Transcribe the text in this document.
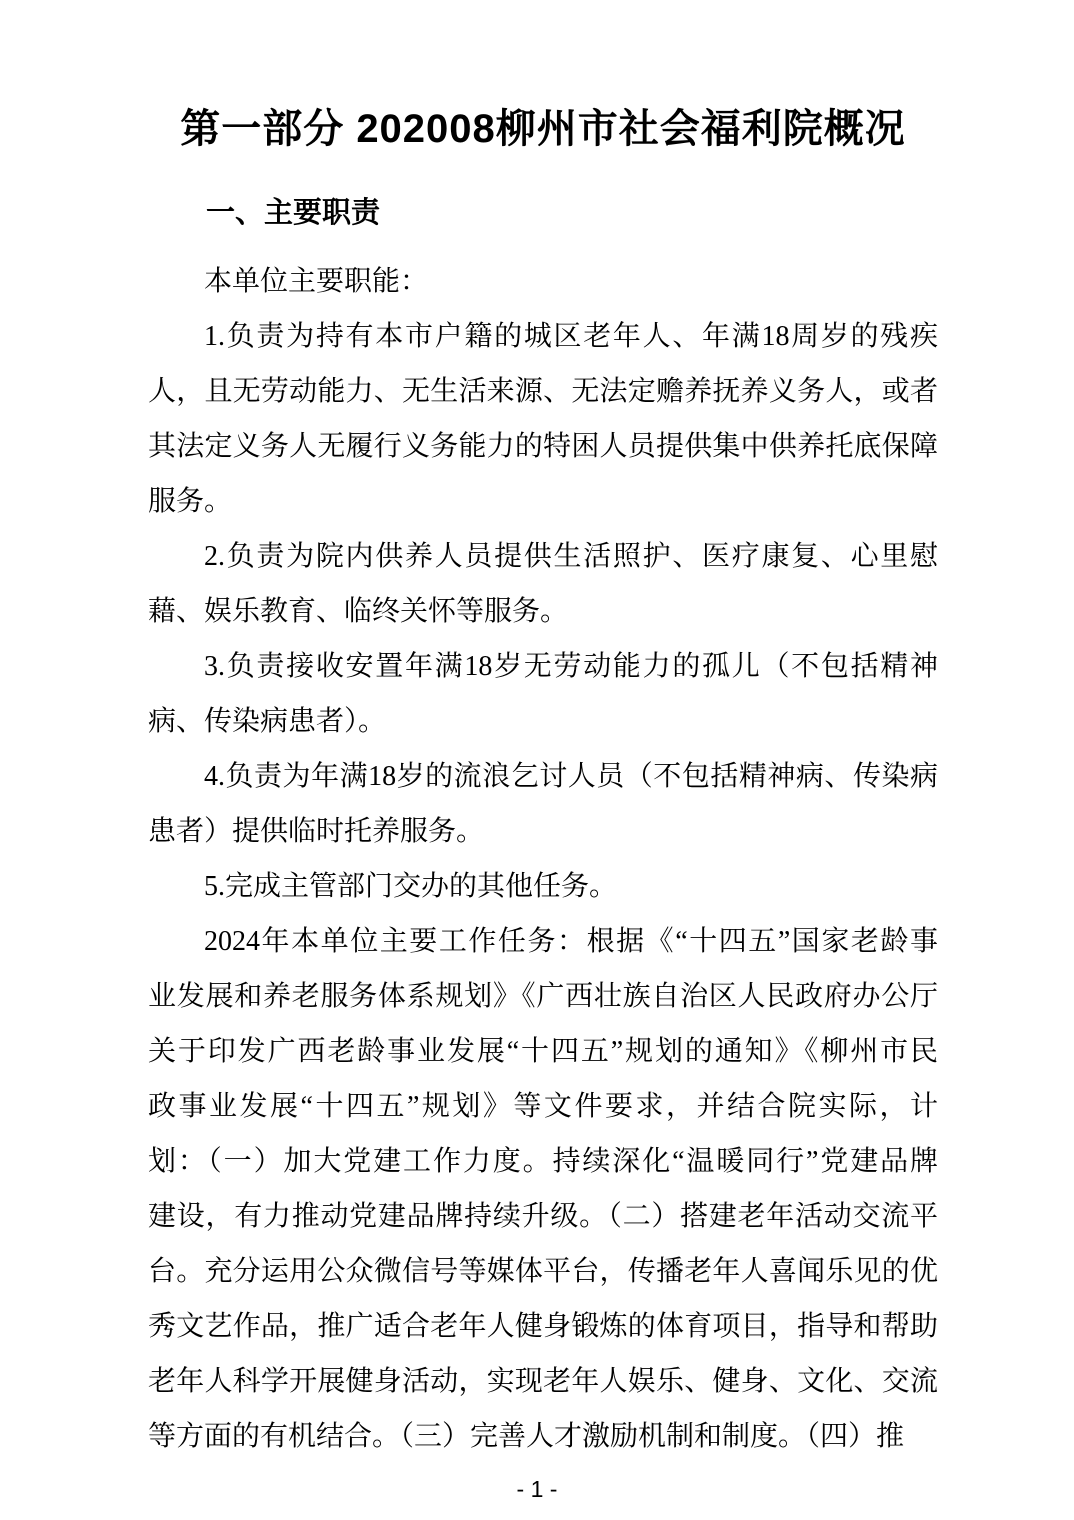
第一部分 202008柳州市社会福利院概况
一、主要职责
本单位主要职能：
1.负责为持有本市户籍的城区老年人、年满18周岁的残疾
人，且无劳动能力、无生活来源、无法定赡养抚养义务人，或者
其法定义务人无履行义务能力的特困人员提供集中供养托底保障
服务。
2.负责为院内供养人员提供生活照护、医疗康复、心里慰
藉、娱乐教育、临终关怀等服务。
3.负责接收安置年满18岁无劳动能力的孤儿（不包括精神
病、传染病患者）。
4.负责为年满18岁的流浪乞讨人员（不包括精神病、传染病
患者）提供临时托养服务。
5.完成主管部门交办的其他任务。
2024年本单位主要工作任务：根据《“十四五”国家老龄事
业发展和养老服务体系规划》《广西壮族自治区人民政府办公厅
关于印发广西老龄事业发展“十四五”规划的通知》《柳州市民
政事业发展“十四五”规划》等文件要求，并结合院实际，计
划：（一）加大党建工作力度。持续深化“温暖同行”党建品牌
建设，有力推动党建品牌持续升级。（二）搭建老年活动交流平
台。充分运用公众微信号等媒体平台，传播老年人喜闻乐见的优
秀文艺作品，推广适合老年人健身锻炼的体育项目，指导和帮助
老年人科学开展健身活动，实现老年人娱乐、健身、文化、交流
等方面的有机结合。（三）完善人才激励机制和制度。（四）推
- 1 -
